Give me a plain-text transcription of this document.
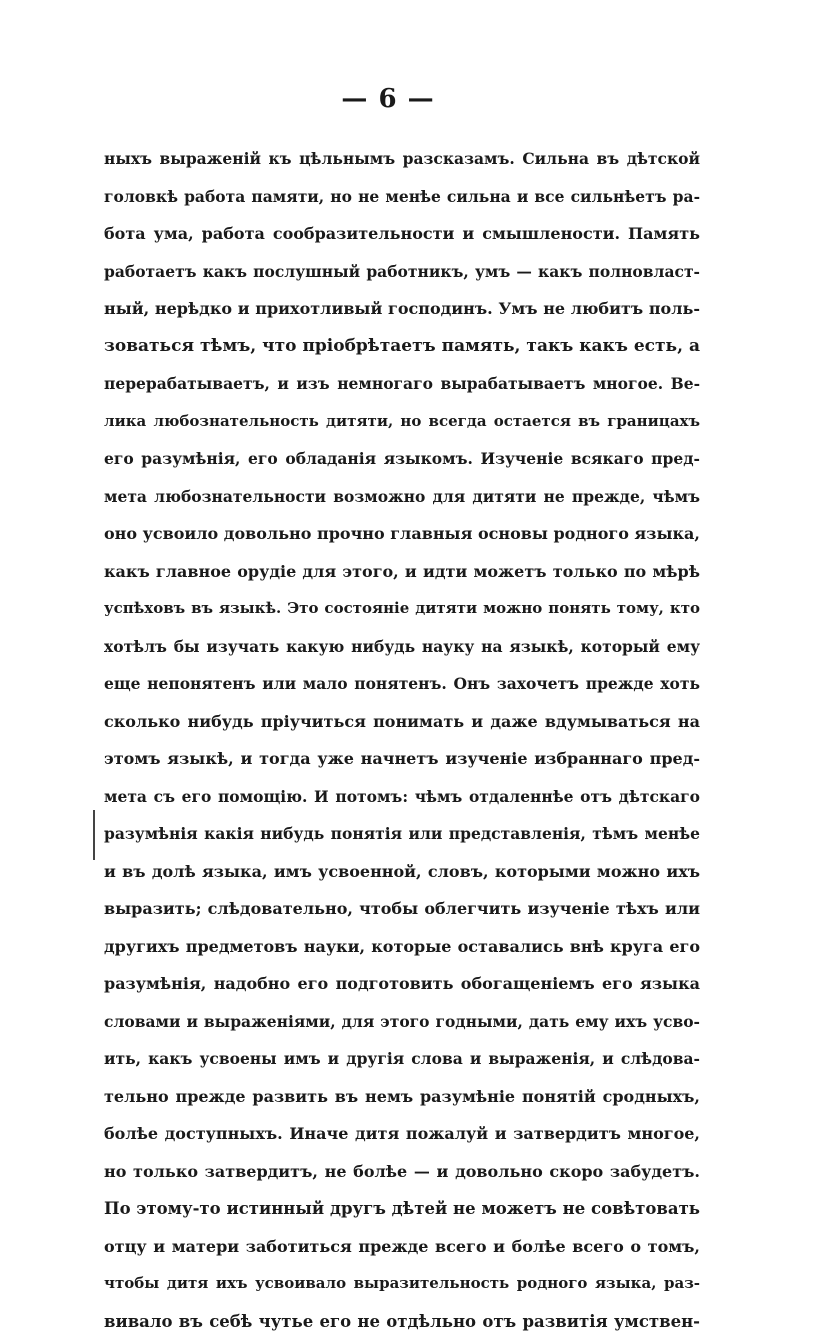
— 6 —
ныхъ выраженій къ цѣльнымъ разсказамъ. Сильна въ дѣтской
головкѣ работа памяти, но не менѣе сильна и все сильнѣетъ ра-
бота ума, работа сообразительности и смышлености. Память
работаетъ какъ послушный работникъ, умъ — какъ полновласт-
ный, нерѣдко и прихотливый господинъ. Умъ не любитъ поль-
зоваться тѣмъ, что пріобрѣтаетъ память, такъ какъ есть, а
перерабатываетъ, и изъ немногаго вырабатываетъ многое. Ве-
лика любознательность дитяти, но всегда остается въ границахъ
его разумѣнія, его обладанія языкомъ. Изученіе всякаго пред-
мета любознательности возможно для дитяти не прежде, чѣмъ
оно усвоило довольно прочно главныя основы родного языка,
какъ главное орудіе для этого, и идти можетъ только по мѣрѣ
успѣховъ въ языкѣ. Это состояніе дитяти можно понять тому, кто
хотѣлъ бы изучать какую нибудь науку на языкѣ, который ему
еще непонятенъ или мало понятенъ. Онъ захочетъ прежде хоть
сколько нибудь пріучиться понимать и даже вдумываться на
этомъ языкѣ, и тогда уже начнетъ изученіе избраннаго пред-
мета съ его помощію. И потомъ: чѣмъ отдаленнѣе отъ дѣтскаго
разумѣнія какія нибудь понятія или представленія, тѣмъ менѣе
и въ долѣ языка, имъ усвоенной, словъ, которыми можно ихъ
выразить; слѣдовательно, чтобы облегчить изученіе тѣхъ или
другихъ предметовъ науки, которые оставались внѣ круга его
разумѣнія, надобно его подготовить обогащеніемъ его языка
словами и выраженіями, для этого годными, дать ему ихъ усво-
ить, какъ усвоены имъ и другія слова и выраженія, и слѣдова-
тельно прежде развить въ немъ разумѣніе понятій сродныхъ,
болѣе доступныхъ. Иначе дитя пожалуй и затвердитъ многое,
но только затвердитъ, не болѣе — и довольно скоро забудетъ.
По этому-то истинный другъ дѣтей не можетъ не совѣтовать
отцу и матери заботиться прежде всего и болѣе всего о томъ,
чтобы дитя ихъ усвоивало выразительность родного языка, раз-
вивало въ себѣ чутье его не отдѣльно отъ развитія умствен-
